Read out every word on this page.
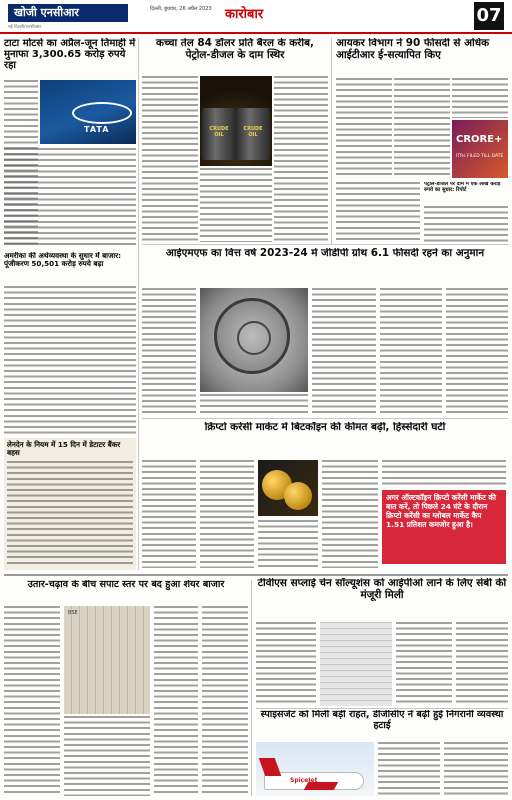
खोजी एनसीआर	दिल्ली, बुधवार, 26 अप्रैल 2023
नई दिल्ली/एनसीआर
कारोबार	07
टाटा मोटर्स का अप्रैल-जून तिमाही में मुनाफा 3,300.65 करोड़ रुपये रहा
TATA
अमरीका की अर्थव्यवस्था के सुधार में बाजार: पूंजीकरण 50,501 करोड़ रुपये बढ़ा
लेनदेन के नियम में 15 दिन में डेटाटर बैंकर बहस
कच्चा तेल 84 डॉलर प्रति बैरल के करीब, पेट्रोल-डीजल के दाम स्थिर
CRUDE OIL
CRUDE OIL
आयकर विभाग ने 90 फीसदी से अधिक आईटीआर ई-सत्यापित किए
CRORE+
ITRs FILED TILL DATE
पेट्रोल-डीजल पर दाम में एक लाख करोड़ रुपये का सुधार: रिपोर्ट
आईएमएफ का वित्त वर्ष 2023-24 में जीडीपी ग्रोथ 6.1 फीसदी रहने का अनुमान
क्रिप्टो करेंसी मार्केट में बिटकॉइन की कीमत बढ़ी, हिस्सेदारी घटी
अगर ऑल्टकॉइन क्रिप्टो करेंसी मार्केट की बात करें, तो पिछले 24 घंटे के दौरान क्रिप्टो करेंसी का ग्लोबल मार्केट कैप 1.51 प्रतिशत कमजोर हुआ है।
उतार-चढ़ाव के बीच सपाट स्तर पर बंद हुआ शेयर बाजार
BSE
टीवीएस सप्लाई चेन सॉल्यूशंस को आईपीओ लाने के लिए सेबी की मंजूरी मिली
स्पाइसजेट को मिली बड़ी राहत, डीजीसीए ने बढ़ी हुई निगरानी व्यवस्था हटाई
SpiceJet
